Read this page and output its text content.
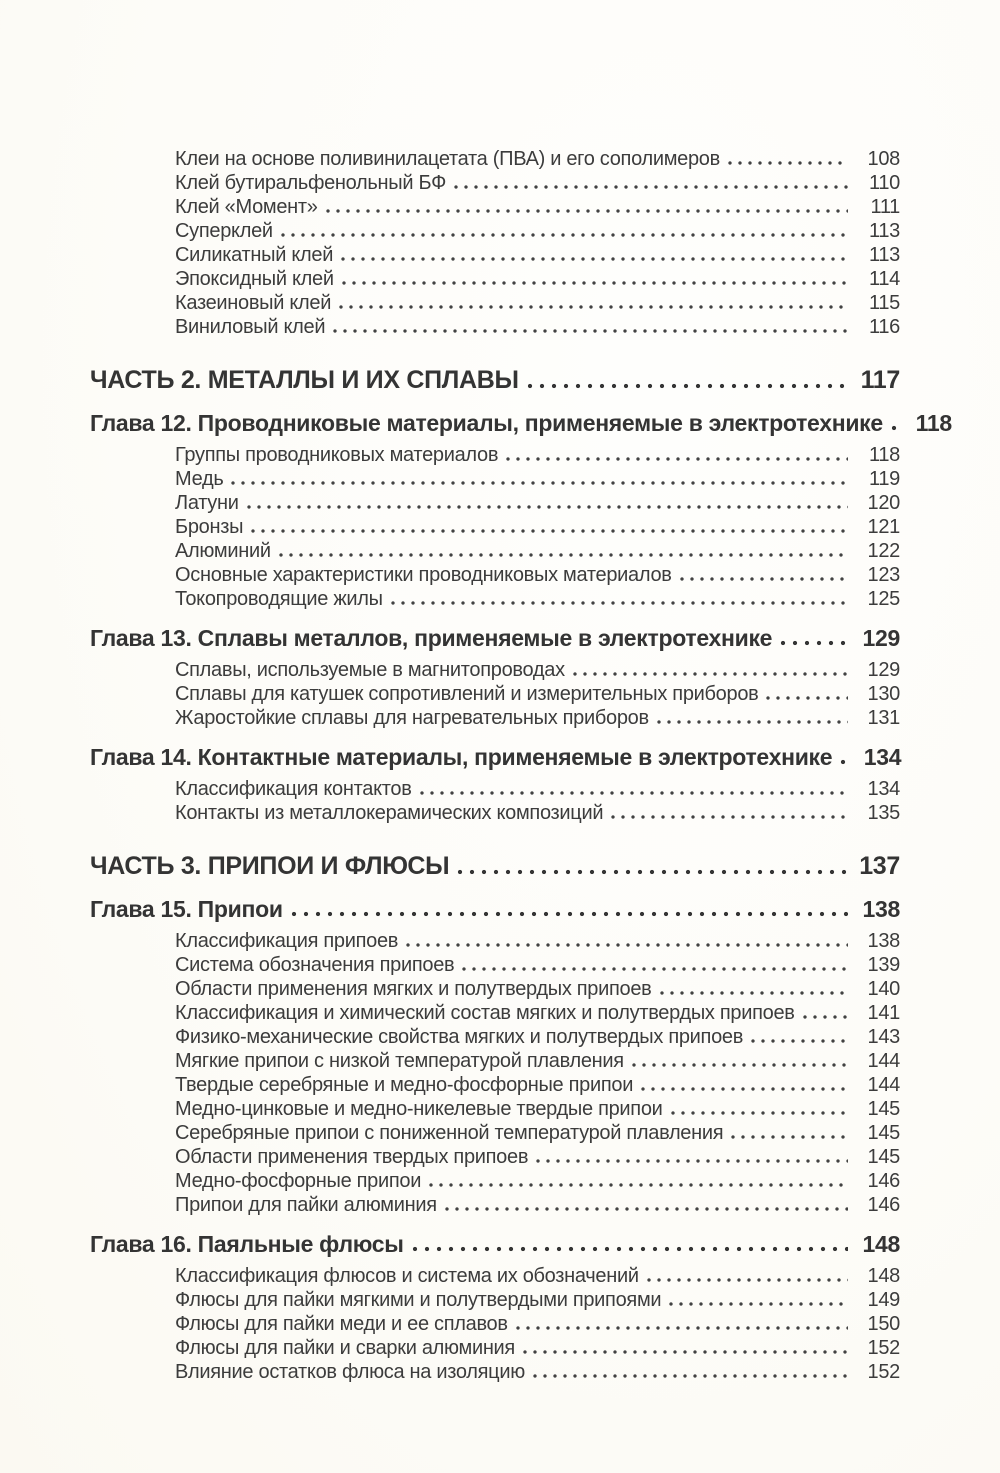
Клеи на основе поливинилацетата (ПВА) и его сополимеров	108
Клей бутиральфенольный БФ	110
Клей «Момент»	111
Суперклей	113
Силикатный клей	113
Эпоксидный клей	114
Казеиновый клей	115
Виниловый клей	116
ЧАСТЬ 2. МЕТАЛЛЫ И ИХ СПЛАВЫ	117
Глава 12. Проводниковые материалы, применяемые в электротехнике	118
Группы проводниковых материалов	118
Медь	119
Латуни	120
Бронзы	121
Алюминий	122
Основные характеристики проводниковых материалов	123
Токопроводящие жилы	125
Глава 13. Сплавы металлов, применяемые в электротехнике	129
Сплавы, используемые в магнитопроводах	129
Сплавы для катушек сопротивлений и измерительных приборов	130
Жаростойкие сплавы для нагревательных приборов	131
Глава 14. Контактные материалы, применяемые в электротехнике 134
Классификация контактов	134
Контакты из металлокерамических композиций	135
ЧАСТЬ 3. ПРИПОИ И ФЛЮСЫ	137
Глава 15. Припои	138
Классификация припоев	138
Система обозначения припоев	139
Области применения мягких и полутвердых припоев	140
Классификация и химический состав мягких и полутвердых припоев	141
Физико-механические свойства мягких и полутвердых припоев	143
Мягкие припои с низкой температурой плавления	144
Твердые серебряные и медно-фосфорные припои	144
Медно-цинковые и медно-никелевые твердые припои	145
Серебряные припои с пониженной температурой плавления	145
Области применения твердых припоев	145
Медно-фосфорные припои	146
Припои для пайки алюминия	146
Глава 16. Паяльные флюсы	148
Классификация флюсов и система их обозначений	148
Флюсы для пайки мягкими и полутвердыми припоями	149
Флюсы для пайки меди и ее сплавов	150
Флюсы для пайки и сварки алюминия	152
Влияние остатков флюса на изоляцию	152
